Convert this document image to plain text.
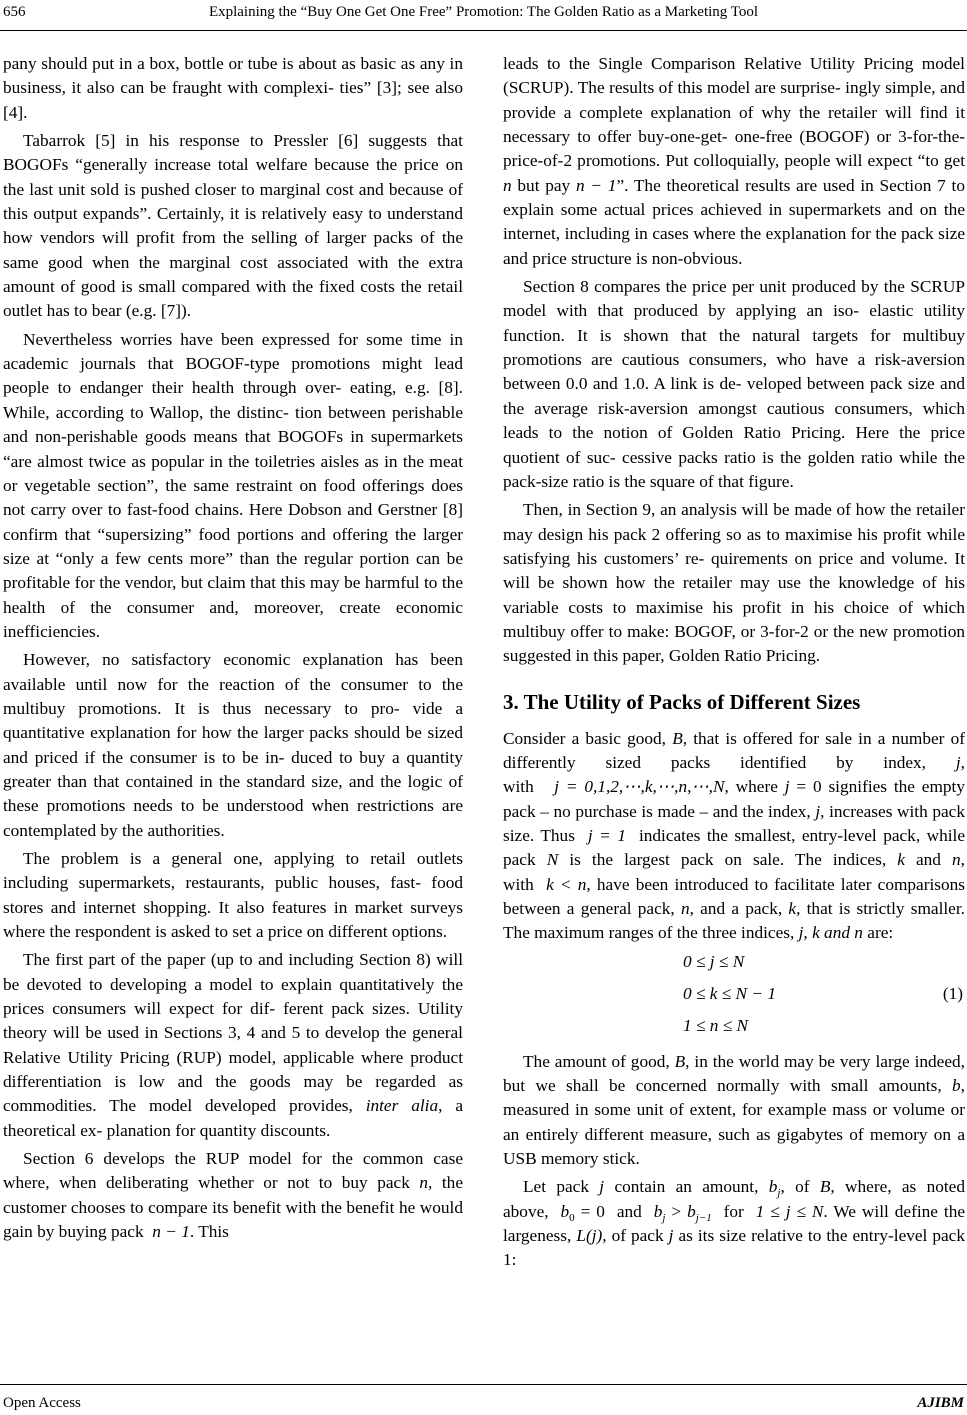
656	Explaining the “Buy One Get One Free” Promotion: The Golden Ratio as a Marketing Tool

pany should put in a box, bottle or tube is about as basic as any in business, it also can be fraught with complexi- ties” [3]; see also [4].

Tabarrok [5] in his response to Pressler [6] suggests that BOGOFs “generally increase total welfare because the price on the last unit sold is pushed closer to marginal cost and because of this output expands”. Certainly, it is relatively easy to understand how vendors will profit from the selling of larger packs of the same good when the marginal cost associated with the extra amount of good is small compared with the fixed costs the retail outlet has to bear (e.g. [7]).

Nevertheless worries have been expressed for some time in academic journals that BOGOF-type promotions might lead people to endanger their health through over- eating, e.g. [8]. While, according to Wallop, the distinc- tion between perishable and non-perishable goods means that BOGOFs in supermarkets “are almost twice as popular in the toiletries aisles as in the meat or vegetable section”, the same restraint on food offerings does not carry over to fast-food chains. Here Dobson and Gerstner [8] confirm that “supersizing” food portions and offering the larger size at “only a few cents more” than the regular portion can be profitable for the vendor, but claim that this may be harmful to the health of the consumer and, moreover, create economic inefficiencies.

However, no satisfactory economic explanation has been available until now for the reaction of the consumer to the multibuy promotions. It is thus necessary to pro- vide a quantitative explanation for how the larger packs should be sized and priced if the consumer is to be in- duced to buy a quantity greater than that contained in the standard size, and the logic of these promotions needs to be understood when restrictions are contemplated by the authorities.

The problem is a general one, applying to retail outlets including supermarkets, restaurants, public houses, fast- food stores and internet shopping. It also features in market surveys where the respondent is asked to set a price on different options.

The first part of the paper (up to and including Section 8) will be devoted to developing a model to explain quantitatively the prices consumers will expect for dif- ferent pack sizes. Utility theory will be used in Sections 3, 4 and 5 to develop the general Relative Utility Pricing (RUP) model, applicable where product differentiation is low and the goods may be regarded as commodities. The model developed provides, inter alia, a theoretical ex- planation for quantity discounts.

Section 6 develops the RUP model for the common case where, when deliberating whether or not to buy pack n, the customer chooses to compare its benefit with the benefit he would gain by buying pack n − 1. This

leads to the Single Comparison Relative Utility Pricing model (SCRUP). The results of this model are surprise- ingly simple, and provide a complete explanation of why the retailer will find it necessary to offer buy-one-get- one-free (BOGOF) or 3-for-the-price-of-2 promotions. Put colloquially, people will expect “to get n but pay n − 1”. The theoretical results are used in Section 7 to explain some actual prices achieved in supermarkets and on the internet, including in cases where the explanation for the pack size and price structure is non-obvious.

Section 8 compares the price per unit produced by the SCRUP model with that produced by applying an iso- elastic utility function. It is shown that the natural targets for multibuy promotions are cautious consumers, who have a risk-aversion between 0.0 and 1.0. A link is de- veloped between pack size and the average risk-aversion amongst cautious consumers, which leads to the notion of Golden Ratio Pricing. Here the price quotient of suc- cessive packs ratio is the golden ratio while the pack-size ratio is the square of that figure.

Then, in Section 9, an analysis will be made of how the retailer may design his pack 2 offering so as to maximise his profit while satisfying his customers’ re- quirements on price and volume. It will be shown how the retailer may use the knowledge of his variable costs to maximise his profit in his choice of which multibuy offer to make: BOGOF, or 3-for-2 or the new promotion suggested in this paper, Golden Ratio Pricing.

3. The Utility of Packs of Different Sizes

Consider a basic good, B, that is offered for sale in a number of differently sized packs identified by index, j, with j = 0,1,2,⋯,k,⋯,n,⋯,N, where j = 0 signifies the empty pack – no purchase is made – and the index, j, increases with pack size. Thus j = 1 indicates the smallest, entry-level pack, while pack N is the largest pack on sale. The indices, k and n, with k < n, have been introduced to facilitate later comparisons between a general pack, n, and a pack, k, that is strictly smaller. The maximum ranges of the three indices, j, k and n are:

0 ≤ j ≤ N
0 ≤ k ≤ N − 1
1 ≤ n ≤ N
(1)

The amount of good, B, in the world may be very large indeed, but we shall be concerned normally with small amounts, b, measured in some unit of extent, for example mass or volume or an entirely different measure, such as gigabytes of memory on a USB memory stick.

Let pack j contain an amount, $b_j$, of B, where, as noted above, $b_0 = 0$ and $b_j > b_{j-1}$ for 1 ≤ j ≤ N. We will define the largeness, L(j), of pack j as its size relative to the entry-level pack 1:

Open Access	AJIBM
